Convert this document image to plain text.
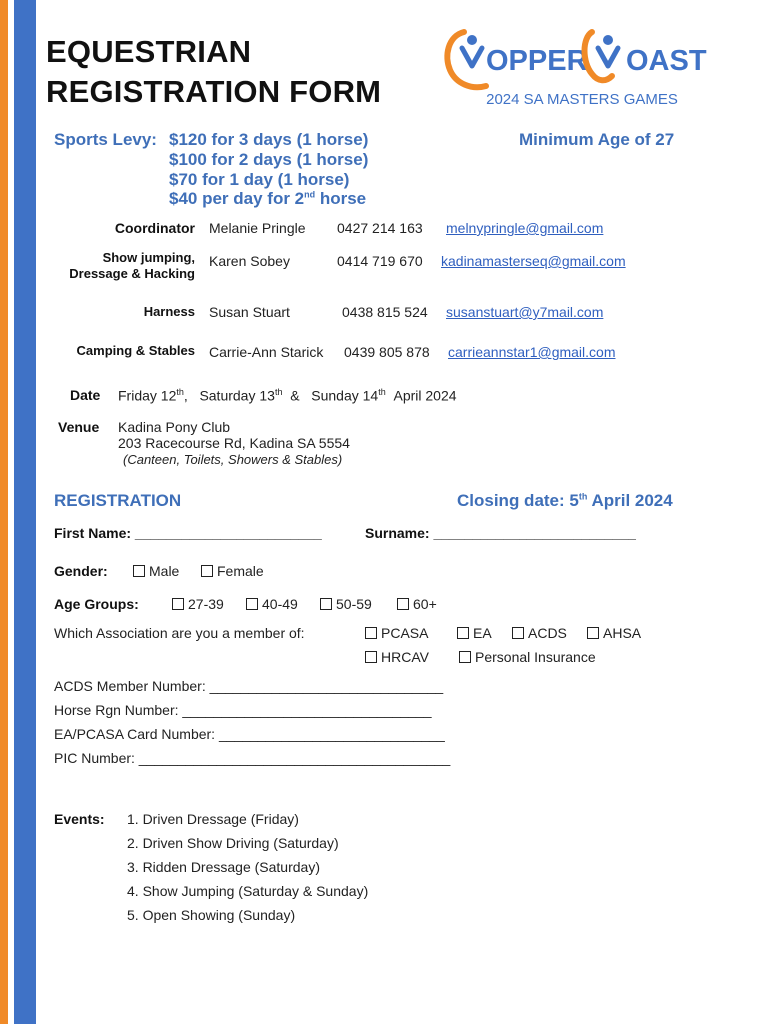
EQUESTRIAN
REGISTRATION FORM
OPPER OAST
2024 SA MASTERS GAMES
Sports Levy: $120 for 3 days (1 horse)
$100 for 2 days (1 horse)
$70 for 1 day (1 horse)
$40 per day for 2nd horse
Minimum Age of 27
Coordinator Melanie Pringle 0427 214 163 melnypringle@gmail.com
Show jumping,
Dressage & Hacking
Karen Sobey	0414 719 670 kadinamasterseq@gmail.com
Harness Susan Stuart	0438 815 524 susanstuart@y7mail.com
Camping & Stables Carrie-Ann Starick 0439 805 878 carrieannstar1@gmail.com
Date Friday 12th, Saturday 13th & Sunday 14th April 2024
Venue Kadina Pony Club
203 Racecourse Rd, Kadina SA 5554
(Canteen, Toilets, Showers & Stables)
REGISTRATION	Closing date: 5th April 2024
First Name: ________________________	Surname: __________________________
Gender:	Male	Female
Age Groups:	27-39	40-49	50-59	60+
Which Association are you a member of:	PCASA	EA	ACDS	AHSA
HRCAV	Personal Insurance
ACDS Member Number: ______________________________
Horse Rgn Number: ________________________________
EA/PCASA Card Number: _____________________________
PIC Number: ________________________________________
Events: 1. Driven Dressage (Friday)
2. Driven Show Driving (Saturday)
3. Ridden Dressage (Saturday)
4. Show Jumping (Saturday & Sunday)
5. Open Showing (Sunday)
